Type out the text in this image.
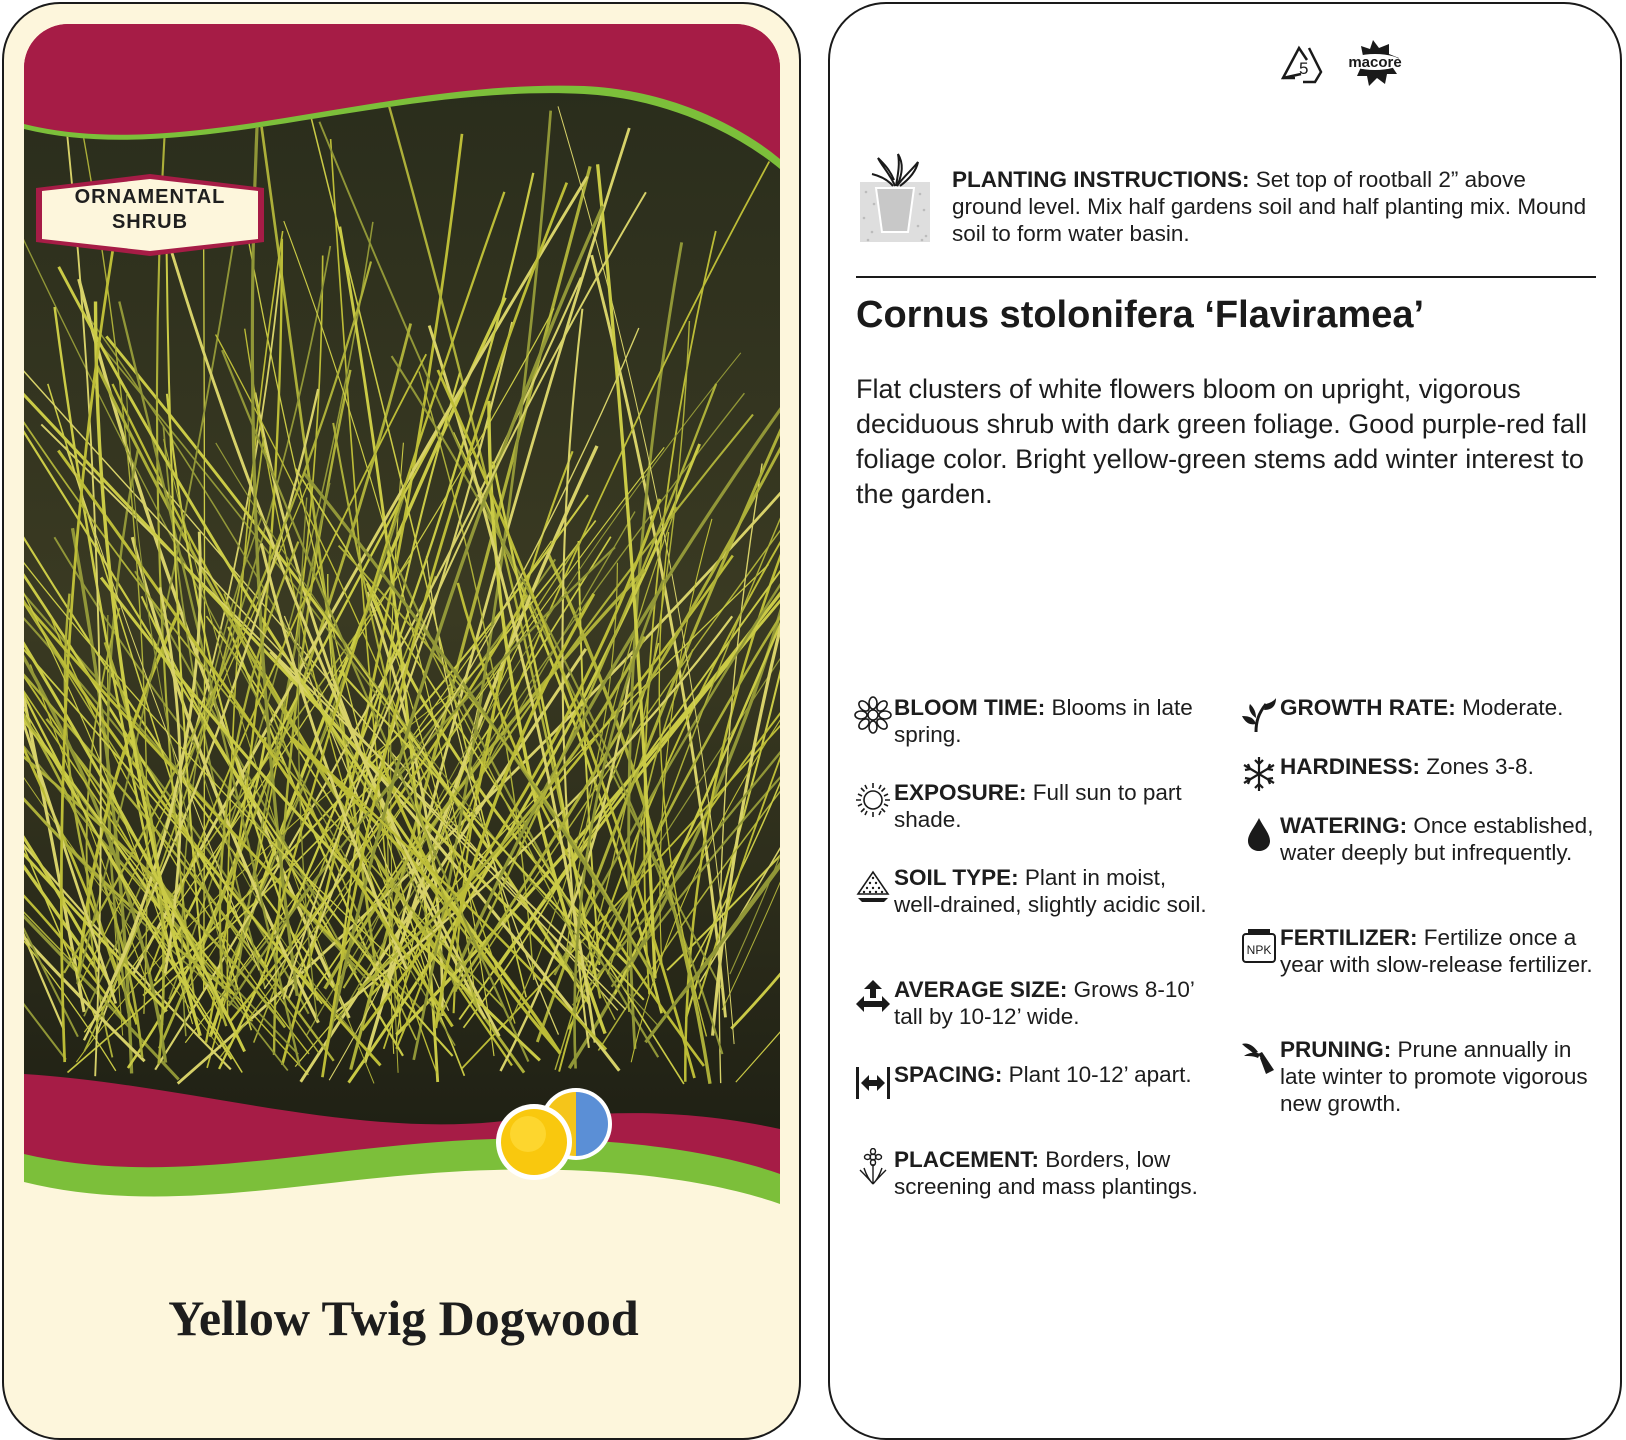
ORNAMENTAL
SHRUB
Yellow Twig Dogwood
5	macore
PLANTING INSTRUCTIONS: Set top of rootball 2” above ground level. Mix half gardens soil and half planting mix. Mound soil to form water basin.
Cornus stolonifera ‘Flaviramea’
Flat clusters of white flowers bloom on upright, vigorous deciduous shrub with dark green foliage. Good purple-red fall foliage color. Bright yellow-green stems add winter interest to the garden.
BLOOM TIME: Blooms in late spring.
EXPOSURE: Full sun to part shade.
SOIL TYPE: Plant in moist, well-drained, slightly acidic soil.
AVERAGE SIZE: Grows 8-10’ tall by 10-12’ wide.
SPACING: Plant 10-12’ apart.
PLACEMENT: Borders, low screening and mass plantings.
GROWTH RATE: Moderate.
HARDINESS: Zones 3-8.
WATERING: Once established, water deeply but infrequently.
NPK FERTILIZER: Fertilize once a year with slow-release fertilizer.
PRUNING: Prune annually in late winter to promote vigorous new growth.
